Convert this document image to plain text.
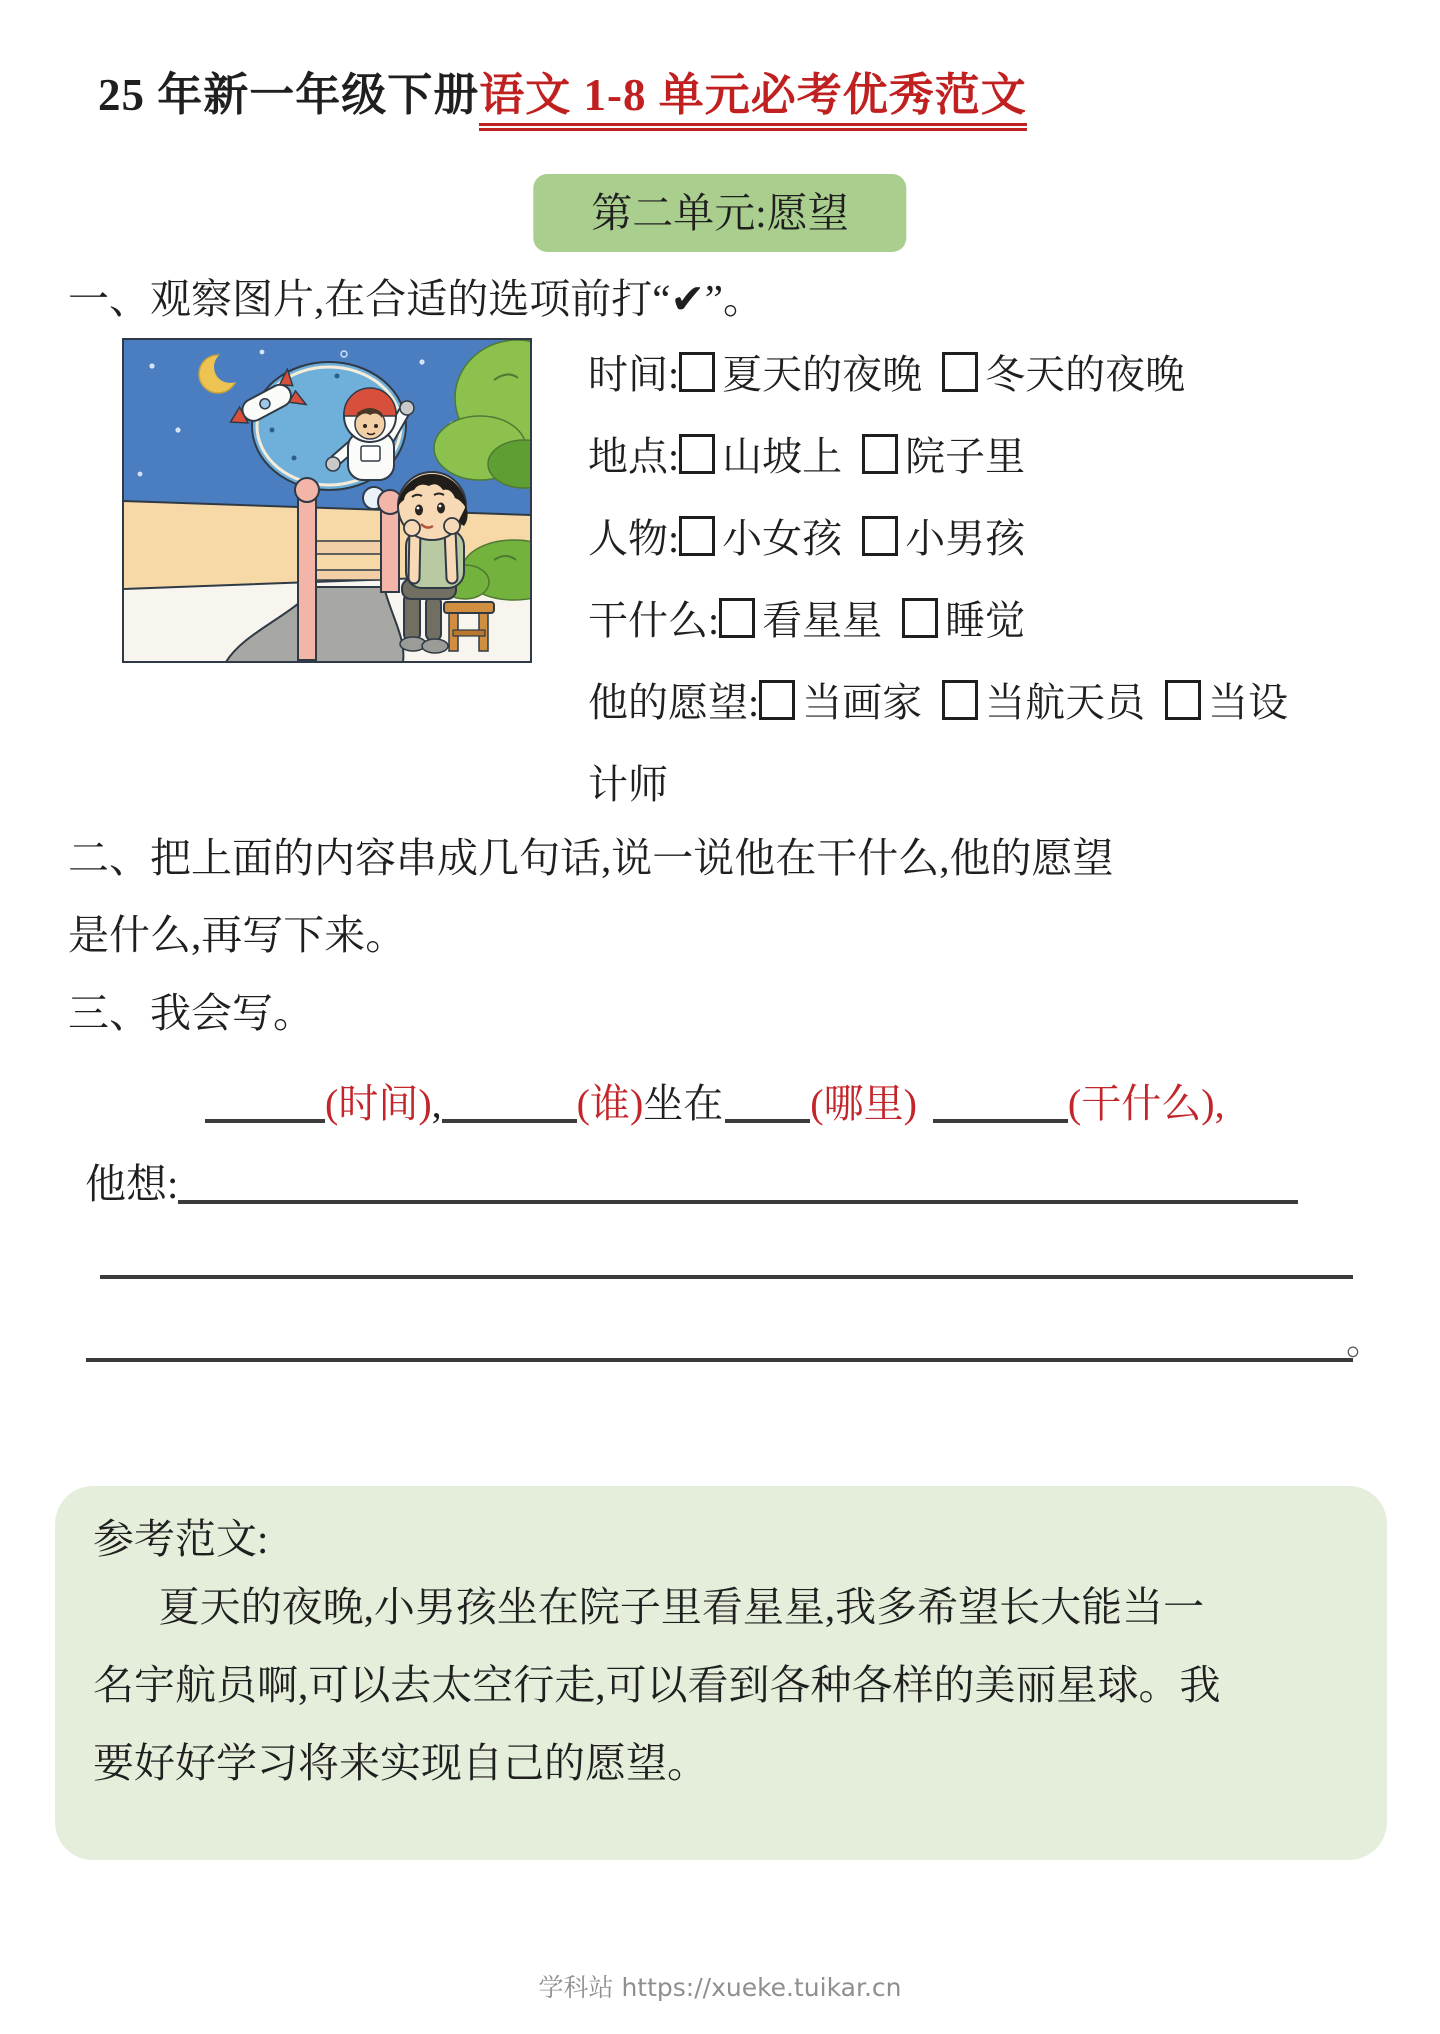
25 年新一年级下册语文 1-8 单元必考优秀范文
第二单元:愿望
一、观察图片,在合适的选项前打“✔”。
时间: 夏天的夜晚 冬天的夜晚
地点: 山坡上 院子里
人物: 小女孩 小男孩
干什么: 看星星 睡觉
他的愿望: 当画家 当航天员 当设
计师
二、把上面的内容串成几句话,说一说他在干什么,他的愿望
是什么,再写下来。
三、我会写。
(时间),	(谁)坐在 (哪里)	(干什么),
他想:
。
参考范文:
夏天的夜晚,小男孩坐在院子里看星星,我多希望长大能当一
名宇航员啊,可以去太空行走,可以看到各种各样的美丽星球。我
要好好学习将来实现自己的愿望。
学科站 https://xueke.tuikar.cn
